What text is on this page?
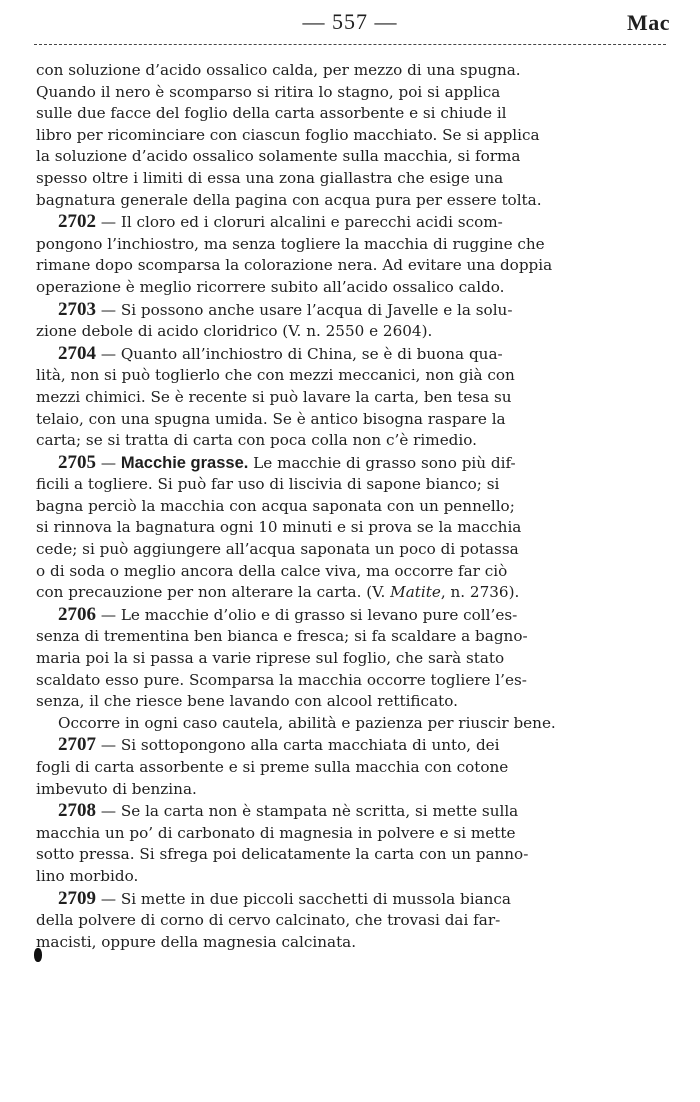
— 557 —	Mac
con soluzione d’acido ossalico calda, per mezzo di una spugna.
Quando il nero è scomparso si ritira lo stagno, poi si applica
sulle due facce del foglio della carta assorbente e si chiude il
libro per ricominciare con ciascun foglio macchiato. Se si applica
la soluzione d’acido ossalico solamente sulla macchia, si forma
spesso oltre i limiti di essa una zona giallastra che esige una
bagnatura generale della pagina con acqua pura per essere tolta.
2702 — Il cloro ed i cloruri alcalini e parecchi acidi scom-
pongono l’inchiostro, ma senza togliere la macchia di ruggine che
rimane dopo scomparsa la colorazione nera. Ad evitare una doppia
operazione è meglio ricorrere subito all’acido ossalico caldo.
2703 — Si possono anche usare l’acqua di Javelle e la solu-
zione debole di acido cloridrico (V. n. 2550 e 2604).
2704 — Quanto all’inchiostro di China, se è di buona qua-
lità, non si può toglierlo che con mezzi meccanici, non già con
mezzi chimici. Se è recente si può lavare la carta, ben tesa su
telaio, con una spugna umida. Se è antico bisogna raspare la
carta; se si tratta di carta con poca colla non c’è rimedio.
2705 — Macchie grasse. Le macchie di grasso sono più dif-
ficili a togliere. Si può far uso di liscivia di sapone bianco; si
bagna perciò la macchia con acqua saponata con un pennello;
si rinnova la bagnatura ogni 10 minuti e si prova se la macchia
cede; si può aggiungere all’acqua saponata un poco di potassa
o di soda o meglio ancora della calce viva, ma occorre far ciò
con precauzione per non alterare la carta. (V. Matite, n. 2736).
2706 — Le macchie d’olio e di grasso si levano pure coll’es-
senza di trementina ben bianca e fresca; si fa scaldare a bagno-
maria poi la si passa a varie riprese sul foglio, che sarà stato
scaldato esso pure. Scomparsa la macchia occorre togliere l’es-
senza, il che riesce bene lavando con alcool rettificato.
Occorre in ogni caso cautela, abilità e pazienza per riuscir bene.
2707 — Si sottopongono alla carta macchiata di unto, dei
fogli di carta assorbente e si preme sulla macchia con cotone
imbevuto di benzina.
2708 — Se la carta non è stampata nè scritta, si mette sulla
macchia un po’ di carbonato di magnesia in polvere e si mette
sotto pressa. Si sfrega poi delicatamente la carta con un panno-
lino morbido.
2709 — Si mette in due piccoli sacchetti di mussola bianca
della polvere di corno di cervo calcinato, che trovasi dai far-
macisti, oppure della magnesia calcinata.
